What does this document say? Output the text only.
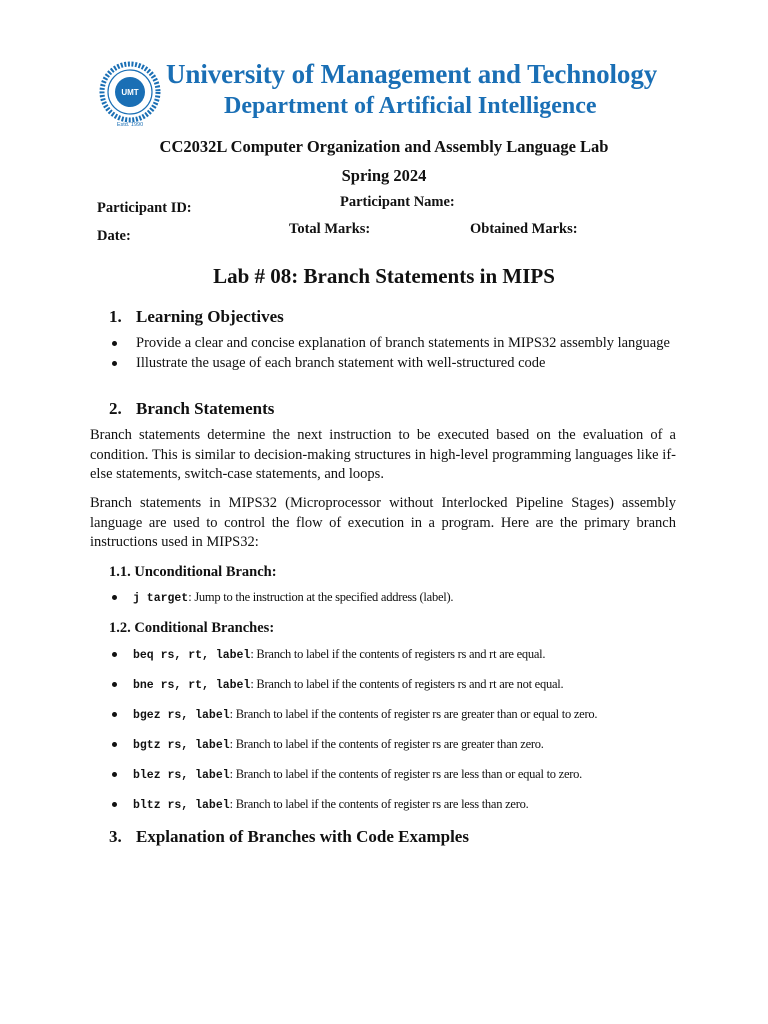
UMT
Estd. 1990
University of Management and Technology
Department of Artificial Intelligence
CC2032L Computer Organization and Assembly Language Lab
Spring 2024
Participant ID:	Participant Name:
Date:	Total Marks:	Obtained Marks:
Lab # 08: Branch Statements in MIPS
1. Learning Objectives
Provide a clear and concise explanation of branch statements in MIPS32 assembly language
Illustrate the usage of each branch statement with well-structured code
2. Branch Statements
Branch statements determine the next instruction to be executed based on the evaluation of a condition. This is similar to decision-making structures in high-level programming languages like if-else statements, switch-case statements, and loops.
Branch statements in MIPS32 (Microprocessor without Interlocked Pipeline Stages) assembly language are used to control the flow of execution in a program. Here are the primary branch instructions used in MIPS32:
1.1. Unconditional Branch:
j target: Jump to the instruction at the specified address (label).
1.2. Conditional Branches:
beq rs, rt, label: Branch to label if the contents of registers rs and rt are equal.
bne rs, rt, label: Branch to label if the contents of registers rs and rt are not equal.
bgez rs, label: Branch to label if the contents of register rs are greater than or equal to zero.
bgtz rs, label: Branch to label if the contents of register rs are greater than zero.
blez rs, label: Branch to label if the contents of register rs are less than or equal to zero.
bltz rs, label: Branch to label if the contents of register rs are less than zero.
3. Explanation of Branches with Code Examples
